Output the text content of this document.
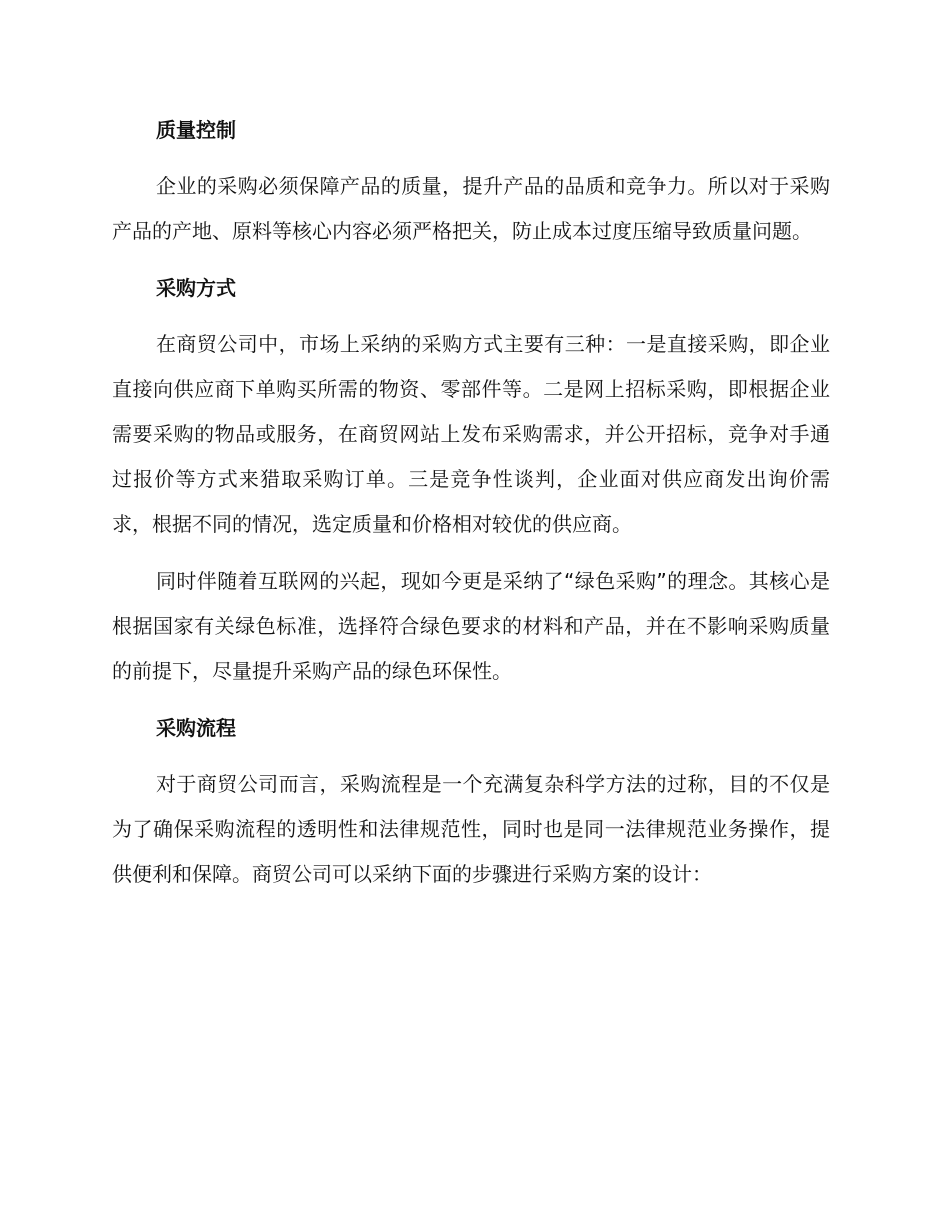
质量控制

企业的采购必须保障产品的质量，提升产品的品质和竞争力。所以对于采购产品的产地、原料等核心内容必须严格把关，防止成本过度压缩导致质量问题。

采购方式

在商贸公司中，市场上采纳的采购方式主要有三种：一是直接采购，即企业直接向供应商下单购买所需的物资、零部件等。二是网上招标采购，即根据企业需要采购的物品或服务，在商贸网站上发布采购需求，并公开招标，竞争对手通过报价等方式来猎取采购订单。三是竞争性谈判，企业面对供应商发出询价需求，根据不同的情况，选定质量和价格相对较优的供应商。

同时伴随着互联网的兴起，现如今更是采纳了“绿色采购”的理念。其核心是根据国家有关绿色标准，选择符合绿色要求的材料和产品，并在不影响采购质量的前提下，尽量提升采购产品的绿色环保性。

采购流程

对于商贸公司而言，采购流程是一个充满复杂科学方法的过称，目的不仅是为了确保采购流程的透明性和法律规范性，同时也是同一法律规范业务操作，提供便利和保障。商贸公司可以采纳下面的步骤进行采购方案的设计：
